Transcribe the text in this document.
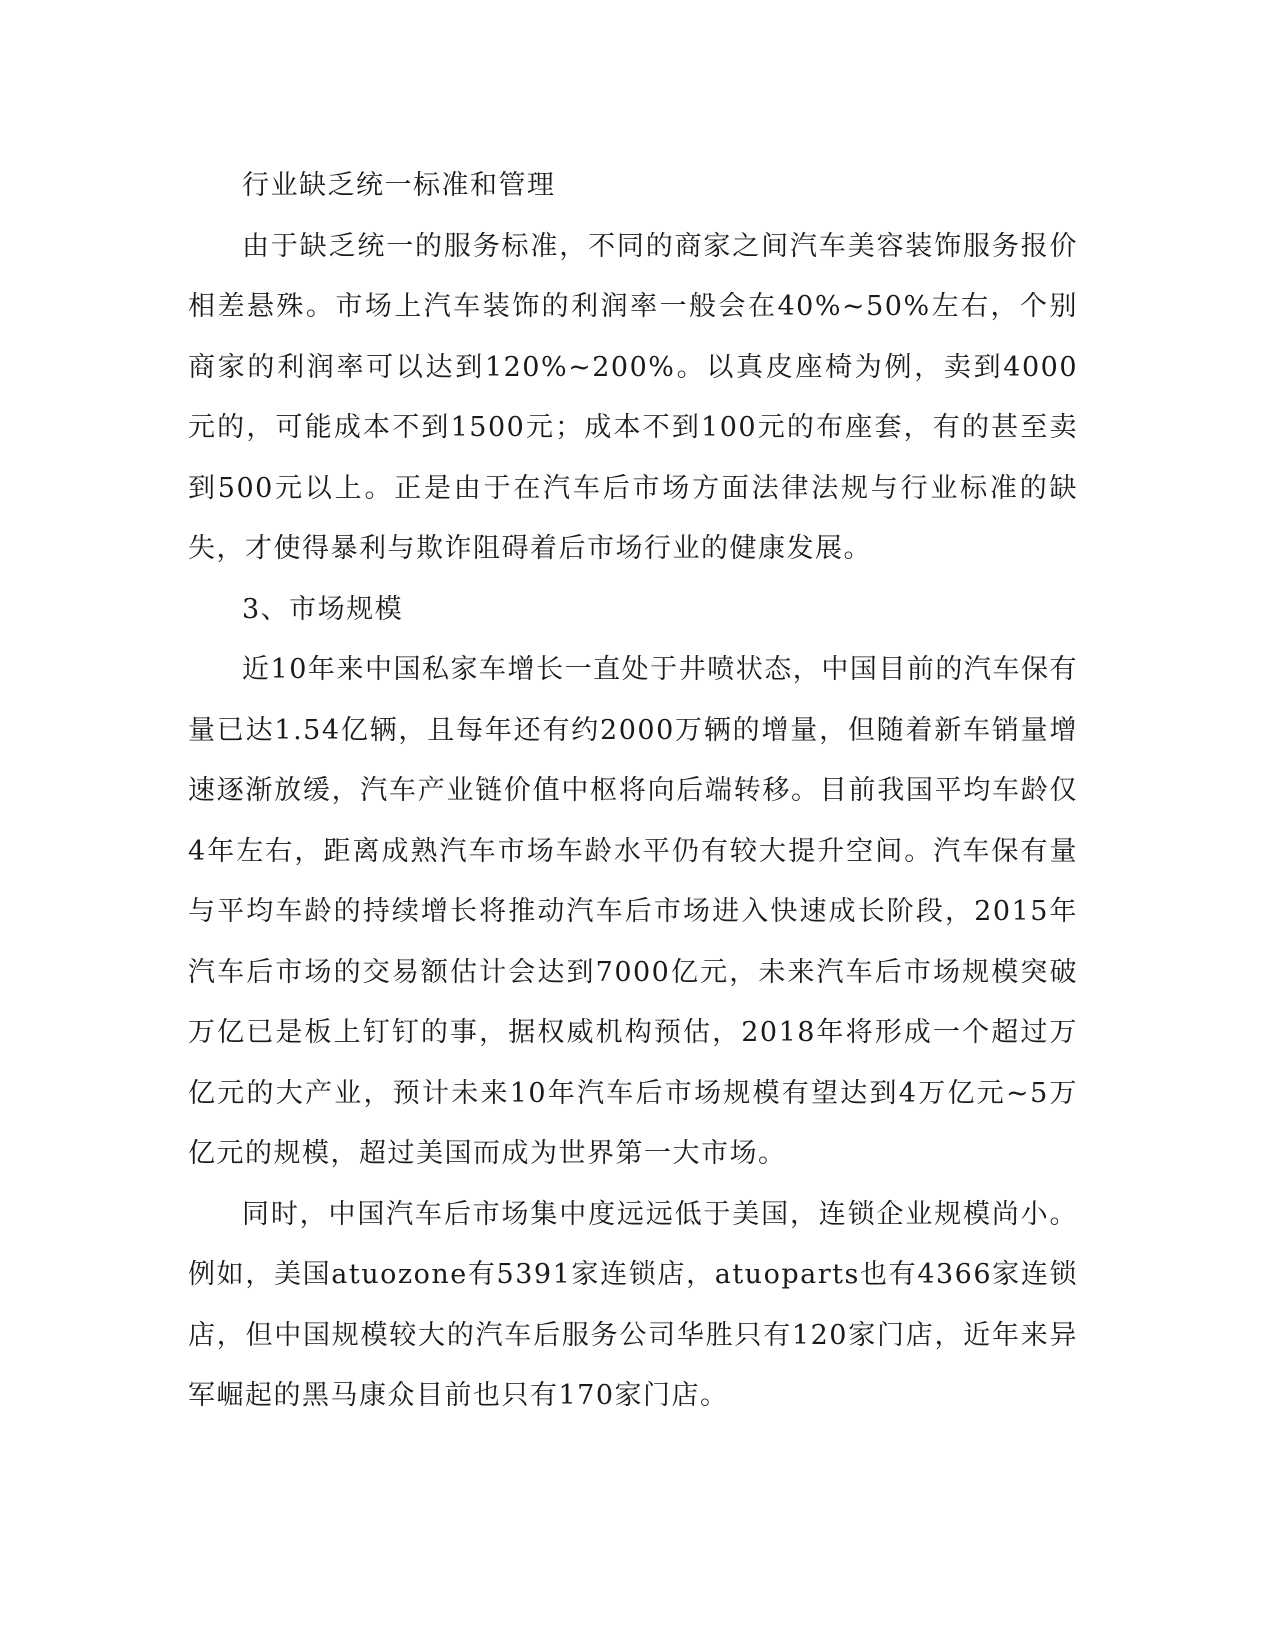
行业缺乏统一标准和管理

由于缺乏统一的服务标准，不同的商家之间汽车美容装饰服务报价相差悬殊。市场上汽车装饰的利润率一般会在40%~50%左右，个别商家的利润率可以达到120%~200%。以真皮座椅为例，卖到4000元的，可能成本不到1500元；成本不到100元的布座套，有的甚至卖到500元以上。正是由于在汽车后市场方面法律法规与行业标准的缺失，才使得暴利与欺诈阻碍着后市场行业的健康发展。

3、市场规模

近10年来中国私家车增长一直处于井喷状态，中国目前的汽车保有量已达1.54亿辆，且每年还有约2000万辆的增量，但随着新车销量增速逐渐放缓，汽车产业链价值中枢将向后端转移。目前我国平均车龄仅4年左右，距离成熟汽车市场车龄水平仍有较大提升空间。汽车保有量与平均车龄的持续增长将推动汽车后市场进入快速成长阶段，2015年汽车后市场的交易额估计会达到7000亿元，未来汽车后市场规模突破万亿已是板上钉钉的事，据权威机构预估，2018年将形成一个超过万亿元的大产业，预计未来10年汽车后市场规模有望达到4万亿元~5万亿元的规模，超过美国而成为世界第一大市场。

同时，中国汽车后市场集中度远远低于美国，连锁企业规模尚小。例如，美国atuozone有5391家连锁店，atuoparts也有4366家连锁店，但中国规模较大的汽车后服务公司华胜只有120家门店，近年来异军崛起的黑马康众目前也只有170家门店。
